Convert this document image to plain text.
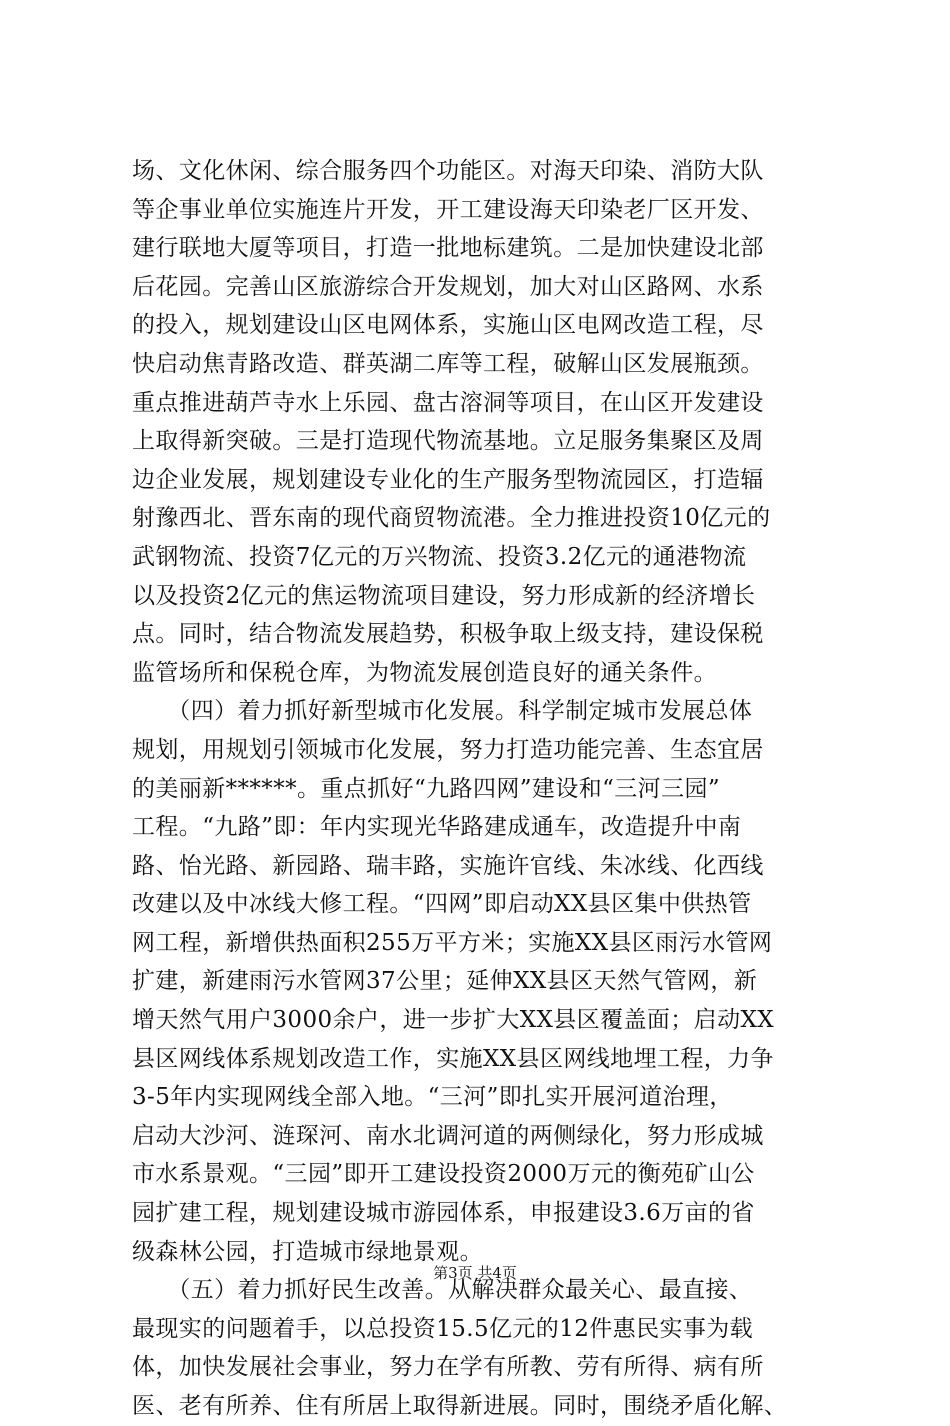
场、文化休闲、综合服务四个功能区。对海天印染、消防大队
等企事业单位实施连片开发，开工建设海天印染老厂区开发、
建行联地大厦等项目，打造一批地标建筑。二是加快建设北部
后花园。完善山区旅游综合开发规划，加大对山区路网、水系
的投入，规划建设山区电网体系，实施山区电网改造工程，尽
快启动焦青路改造、群英湖二库等工程，破解山区发展瓶颈。
重点推进葫芦寺水上乐园、盘古溶洞等项目，在山区开发建设
上取得新突破。三是打造现代物流基地。立足服务集聚区及周
边企业发展，规划建设专业化的生产服务型物流园区，打造辐
射豫西北、晋东南的现代商贸物流港。全力推进投资10亿元的
武钢物流、投资7亿元的万兴物流、投资3.2亿元的通港物流
以及投资2亿元的焦运物流项目建设，努力形成新的经济增长
点。同时，结合物流发展趋势，积极争取上级支持，建设保税
监管场所和保税仓库，为物流发展创造良好的通关条件。
　　（四）着力抓好新型城市化发展。科学制定城市发展总体
规划，用规划引领城市化发展，努力打造功能完善、生态宜居
的美丽新******。重点抓好“九路四网”建设和“三河三园”
工程。“九路”即：年内实现光华路建成通车，改造提升中南
路、怡光路、新园路、瑞丰路，实施许官线、朱冰线、化西线
改建以及中冰线大修工程。“四网”即启动XX县区集中供热管
网工程，新增供热面积255万平方米；实施XX县区雨污水管网
扩建，新建雨污水管网37公里；延伸XX县区天然气管网，新
增天然气用户3000余户，进一步扩大XX县区覆盖面；启动XX
县区网线体系规划改造工作，实施XX县区网线地埋工程，力争
3-5年内实现网线全部入地。“三河”即扎实开展河道治理，
启动大沙河、涟琛河、南水北调河道的两侧绿化，努力形成城
市水系景观。“三园”即开工建设投资2000万元的衡苑矿山公
园扩建工程，规划建设城市游园体系，申报建设3.6万亩的省
级森林公园，打造城市绿地景观。
　　（五）着力抓好民生改善。从解决群众最关心、最直接、
最现实的问题着手，以总投资15.5亿元的12件惠民实事为载
体，加快发展社会事业，努力在学有所教、劳有所得、病有所
医、老有所养、住有所居上取得新进展。同时，围绕矛盾化解、
第3页 共4页
